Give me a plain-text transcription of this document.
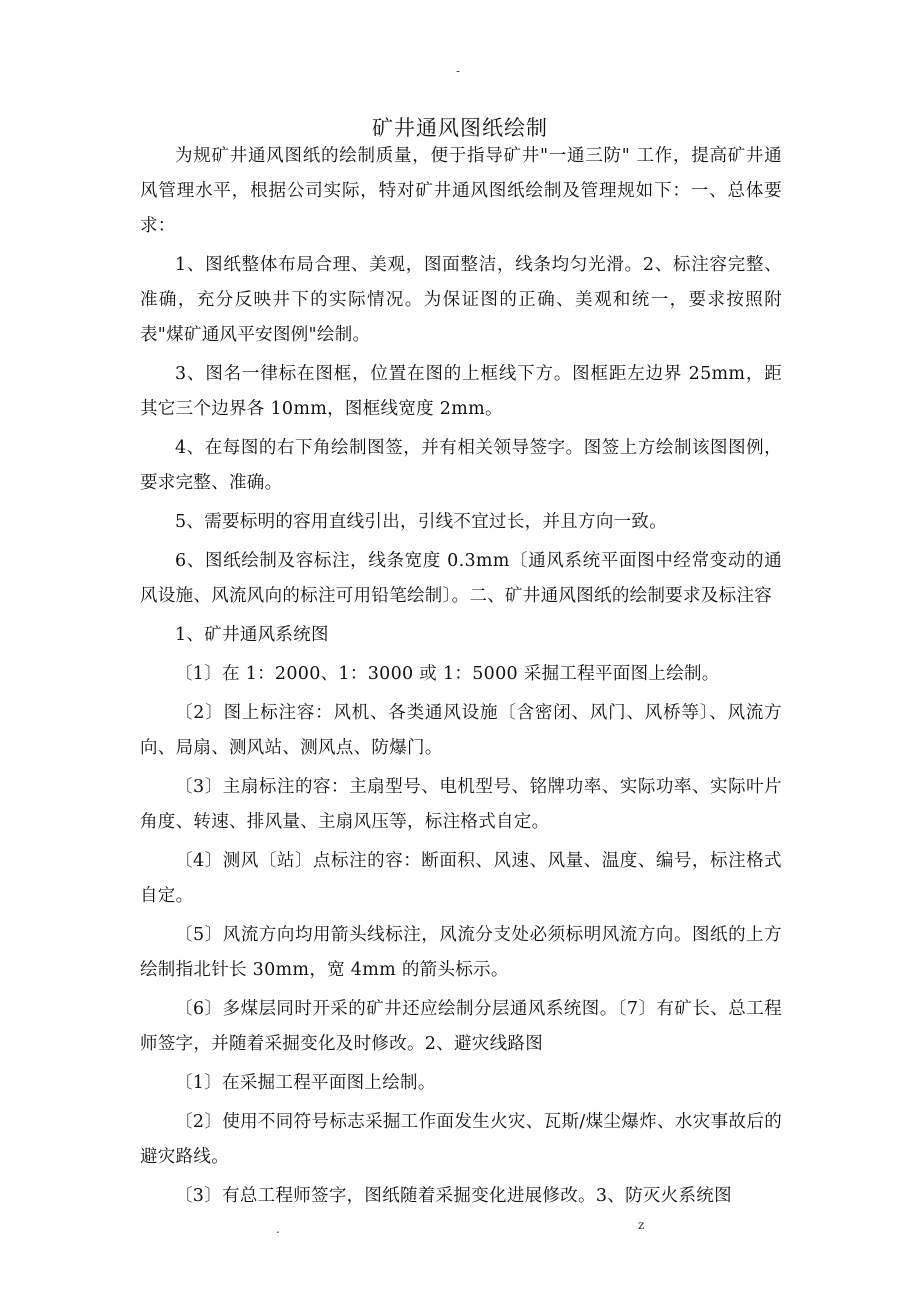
-
矿井通风图纸绘制

为规矿井通风图纸的绘制质量，便于指导矿井"一通三防" 工作，提高矿井通风管理水平，根据公司实际，特对矿井通风图纸绘制及管理规如下：一、总体要求：

1、图纸整体布局合理、美观，图面整洁，线条均匀光滑。2、标注容完整、准确，充分反映井下的实际情况。为保证图的正确、美观和统一，要求按照附表"煤矿通风平安图例"绘制。

3、图名一律标在图框，位置在图的上框线下方。图框距左边界 25mm，距其它三个边界各 10mm，图框线宽度 2mm。

4、在每图的右下角绘制图签，并有相关领导签字。图签上方绘制该图图例，要求完整、准确。

5、需要标明的容用直线引出，引线不宜过长，并且方向一致。

6、图纸绘制及容标注，线条宽度 0.3mm〔通风系统平面图中经常变动的通风设施、风流风向的标注可用铅笔绘制〕。二、矿井通风图纸的绘制要求及标注容

1、矿井通风系统图

〔1〕在 1：2000、1：3000 或 1：5000 采掘工程平面图上绘制。

〔2〕图上标注容：风机、各类通风设施〔含密闭、风门、风桥等〕、风流方向、局扇、测风站、测风点、防爆门。

〔3〕主扇标注的容：主扇型号、电机型号、铭牌功率、实际功率、实际叶片角度、转速、排风量、主扇风压等，标注格式自定。

〔4〕测风〔站〕点标注的容：断面积、风速、风量、温度、编号，标注格式自定。

〔5〕风流方向均用箭头线标注，风流分支处必须标明风流方向。图纸的上方绘制指北针长 30mm，宽 4mm 的箭头标示。

〔6〕多煤层同时开采的矿井还应绘制分层通风系统图。〔7〕有矿长、总工程师签字，并随着采掘变化及时修改。2、避灾线路图

〔1〕在采掘工程平面图上绘制。

〔2〕使用不同符号标志采掘工作面发生火灾、瓦斯/煤尘爆炸、水灾事故后的避灾路线。

〔3〕有总工程师签字，图纸随着采掘变化进展修改。3、防灭火系统图

.	z
